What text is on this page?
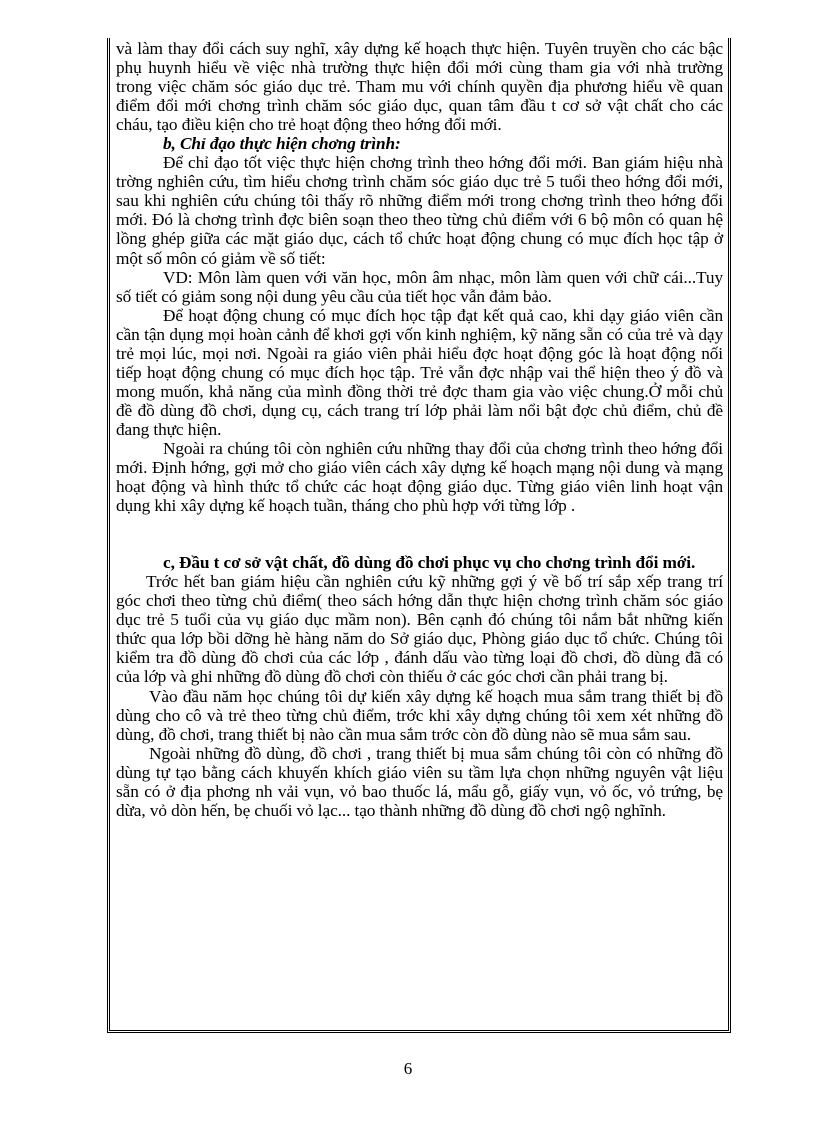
và làm thay đổi cách suy nghĩ, xây dựng kế hoạch thực hiện. Tuyên truyền cho các bậc phụ huynh hiểu về việc nhà trường thực hiện đổi mới cùng tham gia với nhà trường trong việc chăm sóc giáo dục trẻ. Tham mu với chính quyền địa phương hiểu về quan điểm đổi mới chơng trình chăm sóc giáo dục, quan tâm đầu t cơ sở vật chất cho các cháu, tạo điều kiện cho trẻ hoạt động theo hớng đổi mới.

b, Chỉ đạo thực hiện chơng trình:

Để chỉ đạo tốt việc thực hiện chơng trình theo hớng đổi mới. Ban giám hiệu nhà trờng nghiên cứu, tìm hiểu chơng trình chăm sóc giáo dục trẻ 5 tuổi theo hớng đổi mới, sau khi nghiên cứu chúng tôi thấy rõ những điểm mới trong chơng trình theo hớng đổi mới. Đó là chơng trình đợc biên soạn theo theo từng chủ điểm với 6 bộ môn có quan hệ lồng ghép giữa các mặt giáo dục, cách tổ chức hoạt động chung có mục đích học tập ở một số môn có giảm về số tiết:

VD: Môn làm quen với văn học, môn âm nhạc, môn làm quen với chữ cái...Tuy số tiết có giảm song nội dung yêu cầu của tiết học vẫn đảm bảo.

Để hoạt động chung có mục đích học tập đạt kết quả cao, khi dạy giáo viên cần cần tận dụng mọi hoàn cảnh để khơi gợi vốn kinh nghiệm, kỹ năng sẵn có của trẻ và dạy trẻ mọi lúc, mọi nơi. Ngoài ra giáo viên phải hiểu đợc hoạt động góc là hoạt động nối tiếp hoạt động chung có mục đích học tập. Trẻ vẫn đợc nhập vai thể hiện theo ý đồ và mong muốn, khả năng của mình đồng thời trẻ đợc tham gia vào việc chung.Ở mỗi chủ đề đồ dùng đồ chơi, dụng cụ, cách trang trí lớp phải làm nổi bật đợc chủ điểm, chủ đề đang thực hiện.

Ngoài ra chúng tôi còn nghiên cứu những thay đổi của chơng trình theo hớng đổi mới. Định hớng, gợi mở cho giáo viên cách xây dựng kế hoạch mạng nội dung và mạng hoạt động và hình thức tổ chức các hoạt động giáo dục. Từng giáo viên linh hoạt vận dụng khi xây dựng kế hoạch tuần, tháng cho phù hợp với từng lớp .

c, Đầu t cơ sở vật chất, đồ dùng đồ chơi phục vụ cho chơng trình đổi mới.

Trớc hết ban giám hiệu cần nghiên cứu kỹ những gợi ý về bố trí sắp xếp trang trí góc chơi theo từng chủ điểm( theo sách hớng dẫn thực hiện chơng trình chăm sóc giáo dục trẻ 5 tuổi của vụ giáo dục mầm non). Bên cạnh đó chúng tôi nắm bắt những kiến thức qua lớp bồi dỡng hè hàng năm do Sở giáo dục, Phòng giáo dục tổ chức. Chúng tôi kiểm tra đồ dùng đồ chơi của các lớp , đánh dấu vào từng loại đồ chơi, đồ dùng đã có của lớp và ghi những đồ dùng đồ chơi còn thiếu ở các góc chơi cần phải trang bị.

Vào đầu năm học chúng tôi dự kiến xây dựng kế hoạch mua sắm trang thiết bị đồ dùng cho cô và trẻ theo từng chủ điểm, trớc khi xây dựng chúng tôi xem xét những đồ dùng, đồ chơi, trang thiết bị nào cần mua sắm trớc còn đồ dùng nào sẽ mua sắm sau.

Ngoài những đồ dùng, đồ chơi , trang thiết bị mua sắm chúng tôi còn có những đồ dùng tự tạo bằng cách khuyến khích giáo viên su tầm lựa chọn những nguyên vật liệu sẵn có ở địa phơng nh vải vụn, vỏ bao thuốc lá, mẩu gỗ, giấy vụn, vỏ ốc, vỏ trứng, bẹ dừa, vỏ dòn hến, bẹ chuối vỏ lạc... tạo thành những đồ dùng đồ chơi ngộ nghĩnh.

6
